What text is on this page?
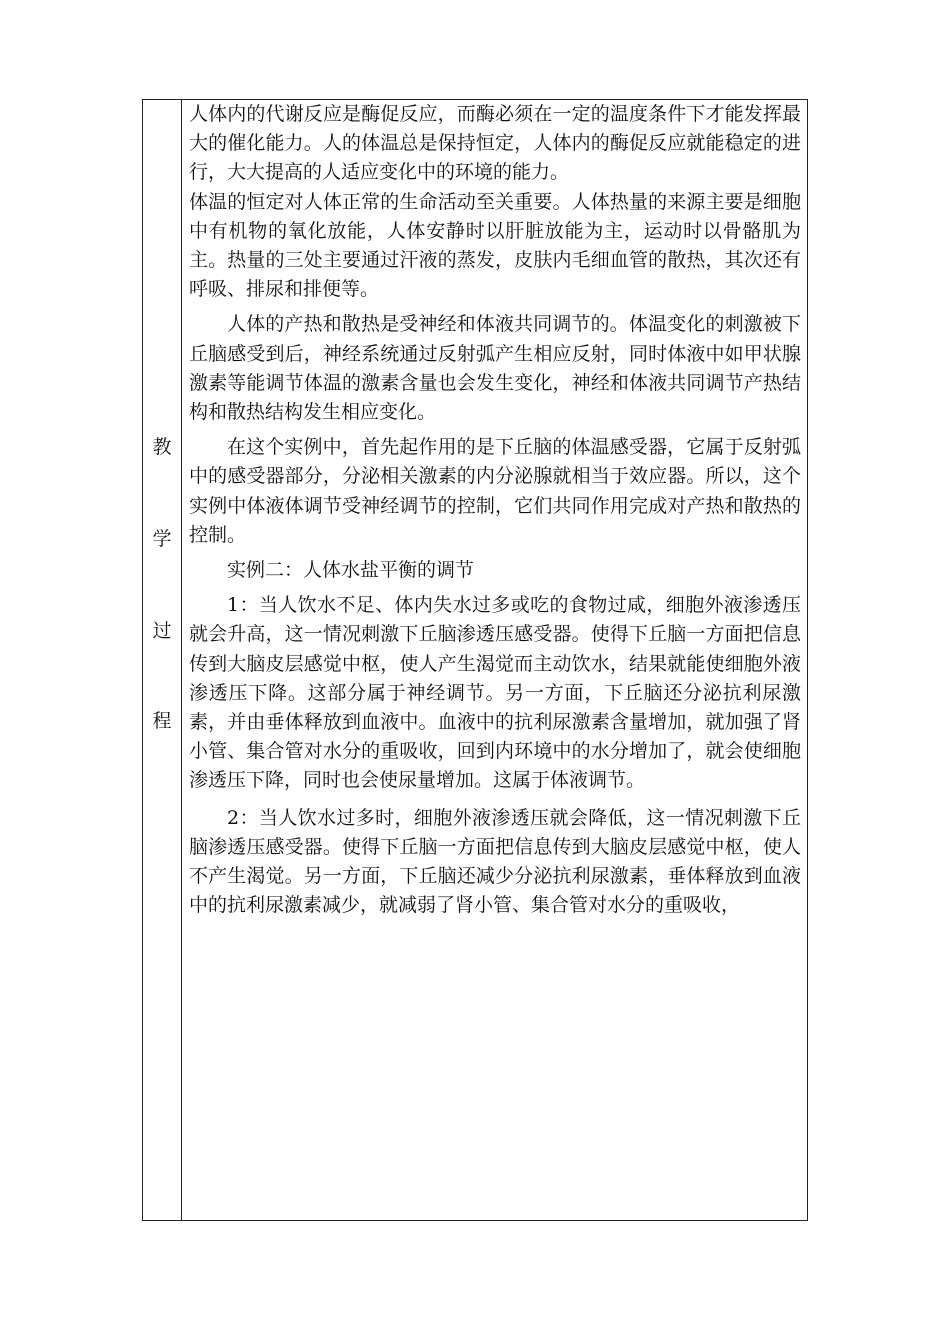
教
学
过
程

人体内的代谢反应是酶促反应，而酶必须在一定的温度条件下才能发挥最大的催化能力。人的体温总是保持恒定，人体内的酶促反应就能稳定的进行，大大提高的人适应变化中的环境的能力。

体温的恒定对人体正常的生命活动至关重要。人体热量的来源主要是细胞中有机物的氧化放能，人体安静时以肝脏放能为主，运动时以骨骼肌为主。热量的三处主要通过汗液的蒸发，皮肤内毛细血管的散热，其次还有呼吸、排尿和排便等。

人体的产热和散热是受神经和体液共同调节的。体温变化的刺激被下丘脑感受到后，神经系统通过反射弧产生相应反射，同时体液中如甲状腺激素等能调节体温的激素含量也会发生变化，神经和体液共同调节产热结构和散热结构发生相应变化。

在这个实例中，首先起作用的是下丘脑的体温感受器，它属于反射弧中的感受器部分，分泌相关激素的内分泌腺就相当于效应器。所以，这个实例中体液体调节受神经调节的控制，它们共同作用完成对产热和散热的控制。

实例二：人体水盐平衡的调节

1：当人饮水不足、体内失水过多或吃的食物过咸，细胞外液渗透压就会升高，这一情况刺激下丘脑渗透压感受器。使得下丘脑一方面把信息传到大脑皮层感觉中枢，使人产生渴觉而主动饮水，结果就能使细胞外液渗透压下降。这部分属于神经调节。另一方面，下丘脑还分泌抗利尿激素，并由垂体释放到血液中。血液中的抗利尿激素含量增加，就加强了肾小管、集合管对水分的重吸收，回到内环境中的水分增加了，就会使细胞渗透压下降，同时也会使尿量增加。这属于体液调节。

2：当人饮水过多时，细胞外液渗透压就会降低，这一情况刺激下丘脑渗透压感受器。使得下丘脑一方面把信息传到大脑皮层感觉中枢，使人不产生渴觉。另一方面，下丘脑还减少分泌抗利尿激素，垂体释放到血液中的抗利尿激素减少，就减弱了肾小管、集合管对水分的重吸收，
